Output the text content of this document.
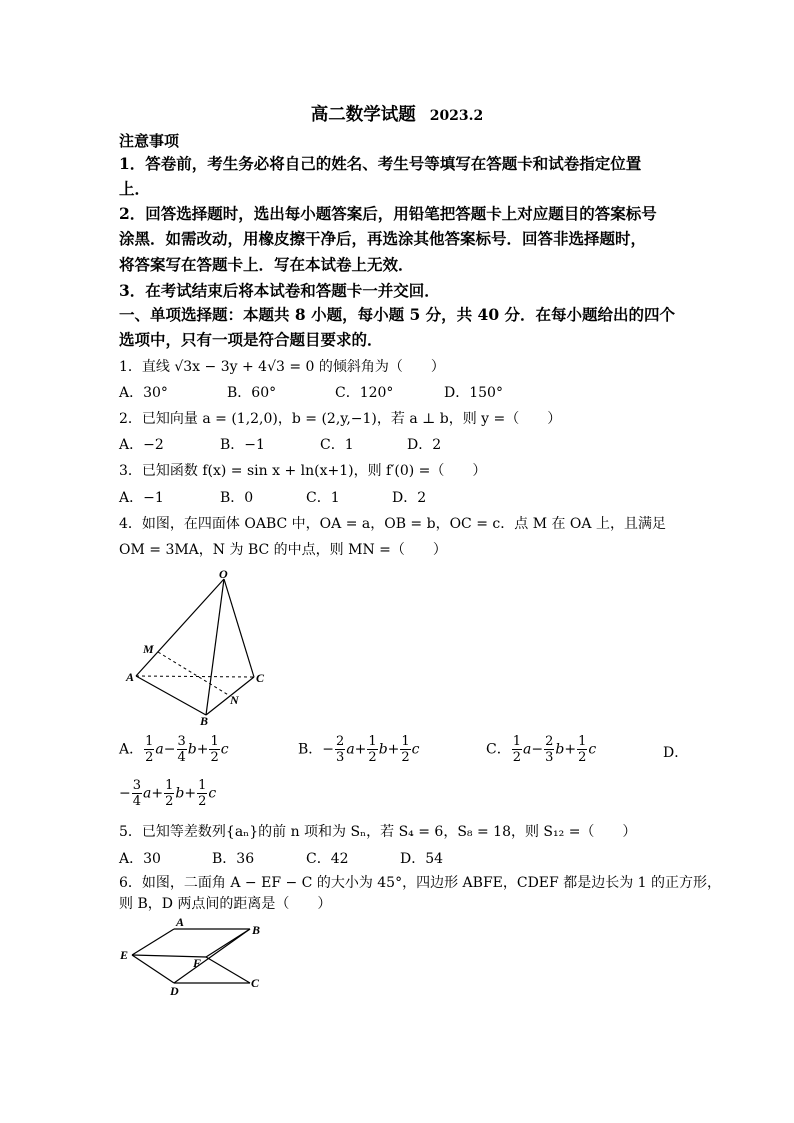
高二数学试题 2023.2
注意事项
1．答卷前，考生务必将自己的姓名、考生号等填写在答题卡和试卷指定位置
上．
2．回答选择题时，选出每小题答案后，用铅笔把答题卡上对应题目的答案标号
涂黑．如需改动，用橡皮擦干净后，再选涂其他答案标号．回答非选择题时，
将答案写在答题卡上．写在本试卷上无效．
3．在考试结束后将本试卷和答题卡一并交回．
一、单项选择题：本题共 8 小题，每小题 5 分，共 40 分．在每小题给出的四个
选项中，只有一项是符合题目要求的．
1．直线 √3x − 3y + 4√3 = 0 的倾斜角为（　　）
A．30°	B．60°	C．120°	D．150°
2．已知向量 a = (1,2,0)，b = (2,y,−1)，若 a ⊥ b，则 y =（　　）
A．−2	B．−1	C．1	D．2
3．已知函数 f(x) = sin x + ln(x+1)，则 f′(0) =（　　）
A．−1	B．0	C．1	D．2
4．如图，在四面体 OABC 中，OA = a，OB = b，OC = c．点 M 在 OA 上，且满足
OM = 3MA，N 为 BC 的中点，则 MN =（　　）
O
M
A	C
N
B
A． $\frac{1}{2} a- \frac{3}{4} b+ \frac{1}{2}$ c	B．− $\frac{2}{3} a+ \frac{1}{2} b+ \frac{1}{2}$ c	C． $\frac{1}{2} a- \frac{2}{3} b+ \frac{1}{2}$ c	D．
− $\frac{3}{4} a+ \frac{1}{2} b+ \frac{1}{2}$ c
5．已知等差数列{aₙ}的前 n 项和为 Sₙ，若 S₄ = 6，S₈ = 18，则 S₁₂ =（　　）
A．30	B．36	C．42	D．54
6．如图，二面角 A − EF − C 的大小为 45°，四边形 ABFE，CDEF 都是边长为 1 的正方形，
则 B，D 两点间的距离是（　　）
A
B
E
F
D
C
